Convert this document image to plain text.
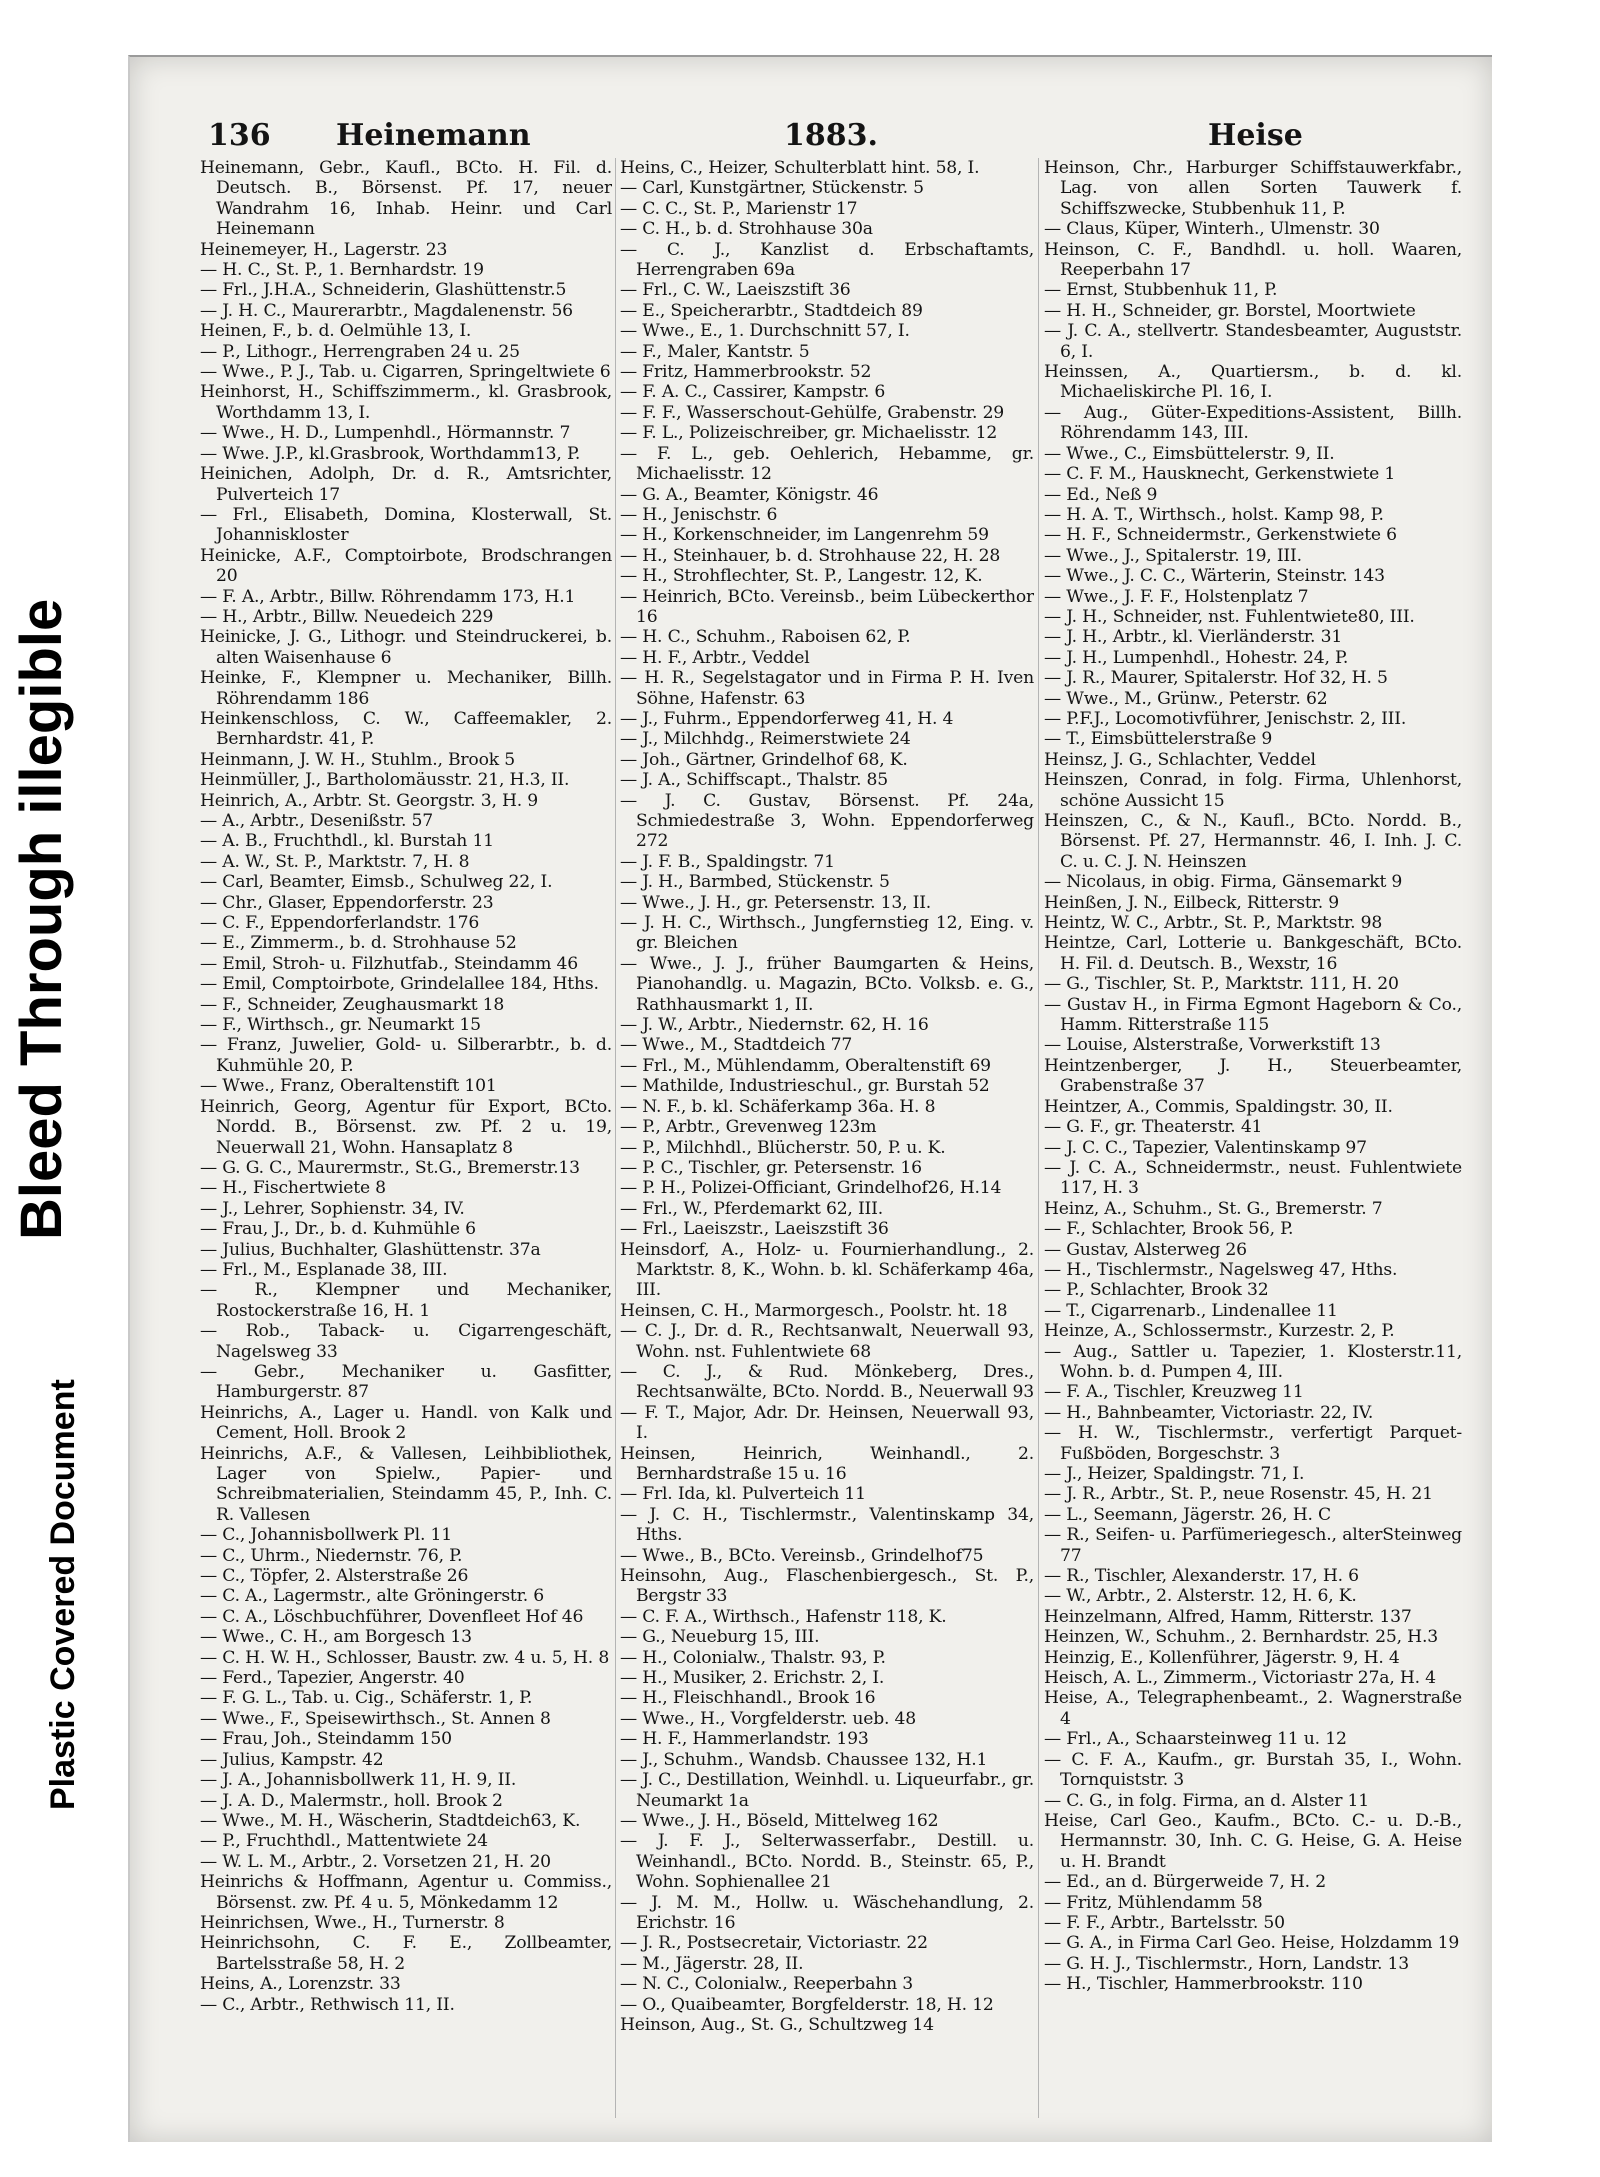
Bleed Through illegible
Plastic Covered Document
136 Heinemann	1883.	Heise

Heinemann, Gebr., Kaufl., BCto. H. Fil. d. Deutsch. B., Börsenst. Pf. 17, neuer Wandrahm 16, Inhab. Heinr. und Carl Heinemann

Heinemeyer, H., Lagerstr. 23

— H. C., St. P., 1. Bernhardstr. 19

— Frl., J.H.A., Schneiderin, Glashüttenstr.5

— J. H. C., Maurerarbtr., Magdalenenstr. 56

Heinen, F., b. d. Oelmühle 13, I.

— P., Lithogr., Herrengraben 24 u. 25

— Wwe., P. J., Tab. u. Cigarren, Springeltwiete 6

Heinhorst, H., Schiffszimmerm., kl. Grasbrook, Worthdamm 13, I.

— Wwe., H. D., Lumpenhdl., Hörmannstr. 7

— Wwe. J.P., kl.Grasbrook, Worthdamm13, P.

Heinichen, Adolph, Dr. d. R., Amtsrichter, Pulverteich 17

— Frl., Elisabeth, Domina, Klosterwall, St. Johanniskloster

Heinicke, A.F., Comptoirbote, Brodschrangen 20

— F. A., Arbtr., Billw. Röhrendamm 173, H.1

— H., Arbtr., Billw. Neuedeich 229

Heinicke, J. G., Lithogr. und Steindruckerei, b. alten Waisenhause 6

Heinke, F., Klempner u. Mechaniker, Billh. Röhrendamm 186

Heinkenschloss, C. W., Caffeemakler, 2. Bernhardstr. 41, P.

Heinmann, J. W. H., Stuhlm., Brook 5

Heinmüller, J., Bartholomäusstr. 21, H.3, II.

Heinrich, A., Arbtr. St. Georgstr. 3, H. 9

— A., Arbtr., Desenißstr. 57

— A. B., Fruchthdl., kl. Burstah 11

— A. W., St. P., Marktstr. 7, H. 8

— Carl, Beamter, Eimsb., Schulweg 22, I.

— Chr., Glaser, Eppendorferstr. 23

— C. F., Eppendorferlandstr. 176

— E., Zimmerm., b. d. Strohhause 52

— Emil, Stroh- u. Filzhutfab., Steindamm 46

— Emil, Comptoirbote, Grindelallee 184, Hths.

— F., Schneider, Zeughausmarkt 18

— F., Wirthsch., gr. Neumarkt 15

— Franz, Juwelier, Gold- u. Silberarbtr., b. d. Kuhmühle 20, P.

— Wwe., Franz, Oberaltenstift 101

Heinrich, Georg, Agentur für Export, BCto. Nordd. B., Börsenst. zw. Pf. 2 u. 19, Neuerwall 21, Wohn. Hansaplatz 8

— G. G. C., Maurermstr., St.G., Bremerstr.13

— H., Fischertwiete 8

— J., Lehrer, Sophienstr. 34, IV.

— Frau, J., Dr., b. d. Kuhmühle 6

— Julius, Buchhalter, Glashüttenstr. 37a

— Frl., M., Esplanade 38, III.

— R., Klempner und Mechaniker, Rostockerstraße 16, H. 1

— Rob., Taback- u. Cigarrengeschäft, Nagelsweg 33

— Gebr., Mechaniker u. Gasfitter, Hamburgerstr. 87

Heinrichs, A., Lager u. Handl. von Kalk und Cement, Holl. Brook 2

Heinrichs, A.F., & Vallesen, Leihbibliothek, Lager von Spielw., Papier- und Schreibmaterialien, Steindamm 45, P., Inh. C. R. Vallesen

— C., Johannisbollwerk Pl. 11

— C., Uhrm., Niedernstr. 76, P.

— C., Töpfer, 2. Alsterstraße 26

— C. A., Lagermstr., alte Gröningerstr. 6

— C. A., Löschbuchführer, Dovenfleet Hof 46

— Wwe., C. H., am Borgesch 13

— C. H. W. H., Schlosser, Baustr. zw. 4 u. 5, H. 8

— Ferd., Tapezier, Angerstr. 40

— F. G. L., Tab. u. Cig., Schäferstr. 1, P.

— Wwe., F., Speisewirthsch., St. Annen 8

— Frau, Joh., Steindamm 150

— Julius, Kampstr. 42

— J. A., Johannisbollwerk 11, H. 9, II.

— J. A. D., Malermstr., holl. Brook 2

— Wwe., M. H., Wäscherin, Stadtdeich63, K.

— P., Fruchthdl., Mattentwiete 24

— W. L. M., Arbtr., 2. Vorsetzen 21, H. 20

Heinrichs & Hoffmann, Agentur u. Commiss., Börsenst. zw. Pf. 4 u. 5, Mönkedamm 12

Heinrichsen, Wwe., H., Turnerstr. 8

Heinrichsohn, C. F. E., Zollbeamter, Bartelsstraße 58, H. 2

Heins, A., Lorenzstr. 33

— C., Arbtr., Rethwisch 11, II.

Heins, C., Heizer, Schulterblatt hint. 58, I.

— Carl, Kunstgärtner, Stückenstr. 5

— C. C., St. P., Marienstr 17

— C. H., b. d. Strohhause 30a

— C. J., Kanzlist d. Erbschaftamts, Herrengraben 69a

— Frl., C. W., Laeiszstift 36

— E., Speicherarbtr., Stadtdeich 89

— Wwe., E., 1. Durchschnitt 57, I.

— F., Maler, Kantstr. 5

— Fritz, Hammerbrookstr. 52

— F. A. C., Cassirer, Kampstr. 6

— F. F., Wasserschout-Gehülfe, Grabenstr. 29

— F. L., Polizeischreiber, gr. Michaelisstr. 12

— F. L., geb. Oehlerich, Hebamme, gr. Michaelisstr. 12

— G. A., Beamter, Königstr. 46

— H., Jenischstr. 6

— H., Korkenschneider, im Langenrehm 59

— H., Steinhauer, b. d. Strohhause 22, H. 28

— H., Strohflechter, St. P., Langestr. 12, K.

— Heinrich, BCto. Vereinsb., beim Lübeckerthor 16

— H. C., Schuhm., Raboisen 62, P.

— H. F., Arbtr., Veddel

— H. R., Segelstagator und in Firma P. H. Iven Söhne, Hafenstr. 63

— J., Fuhrm., Eppendorferweg 41, H. 4

— J., Milchhdg., Reimerstwiete 24

— Joh., Gärtner, Grindelhof 68, K.

— J. A., Schiffscapt., Thalstr. 85

— J. C. Gustav, Börsenst. Pf. 24a, Schmiedestraße 3, Wohn. Eppendorferweg 272

— J. F. B., Spaldingstr. 71

— J. H., Barmbed, Stückenstr. 5

— Wwe., J. H., gr. Petersenstr. 13, II.

— J. H. C., Wirthsch., Jungfernstieg 12, Eing. v. gr. Bleichen

— Wwe., J. J., früher Baumgarten & Heins, Pianohandlg. u. Magazin, BCto. Volksb. e. G., Rathhausmarkt 1, II.

— J. W., Arbtr., Niedernstr. 62, H. 16

— Wwe., M., Stadtdeich 77

— Frl., M., Mühlendamm, Oberaltenstift 69

— Mathilde, Industrieschul., gr. Burstah 52

— N. F., b. kl. Schäferkamp 36a. H. 8

— P., Arbtr., Grevenweg 123m

— P., Milchhdl., Blücherstr. 50, P. u. K.

— P. C., Tischler, gr. Petersenstr. 16

— P. H., Polizei-Officiant, Grindelhof26, H.14

— Frl., W., Pferdemarkt 62, III.

— Frl., Laeiszstr., Laeiszstift 36

Heinsdorf, A., Holz- u. Fournierhandlung., 2. Marktstr. 8, K., Wohn. b. kl. Schäferkamp 46a, III.

Heinsen, C. H., Marmorgesch., Poolstr. ht. 18

— C. J., Dr. d. R., Rechtsanwalt, Neuerwall 93, Wohn. nst. Fuhlentwiete 68

— C. J., & Rud. Mönkeberg, Dres., Rechtsanwälte, BCto. Nordd. B., Neuerwall 93

— F. T., Major, Adr. Dr. Heinsen, Neuerwall 93, I.

Heinsen, Heinrich, Weinhandl., 2. Bernhardstraße 15 u. 16

— Frl. Ida, kl. Pulverteich 11

— J. C. H., Tischlermstr., Valentinskamp 34, Hths.

— Wwe., B., BCto. Vereinsb., Grindelhof75

Heinsohn, Aug., Flaschenbiergesch., St. P., Bergstr 33

— C. F. A., Wirthsch., Hafenstr 118, K.

— G., Neueburg 15, III.

— H., Colonialw., Thalstr. 93, P.

— H., Musiker, 2. Erichstr. 2, I.

— H., Fleischhandl., Brook 16

— Wwe., H., Vorgfelderstr. ueb. 48

— H. F., Hammerlandstr. 193

— J., Schuhm., Wandsb. Chaussee 132, H.1

— J. C., Destillation, Weinhdl. u. Liqueurfabr., gr. Neumarkt 1a

— Wwe., J. H., Böseld, Mittelweg 162

— J. F. J., Selterwasserfabr., Destill. u. Weinhandl., BCto. Nordd. B., Steinstr. 65, P., Wohn. Sophienallee 21

— J. M. M., Hollw. u. Wäschehandlung, 2. Erichstr. 16

— J. R., Postsecretair, Victoriastr. 22

— M., Jägerstr. 28, II.

— N. C., Colonialw., Reeperbahn 3

— O., Quaibeamter, Borgfelderstr. 18, H. 12

Heinson, Aug., St. G., Schultzweg 14

Heinson, Chr., Harburger Schiffstauwerkfabr., Lag. von allen Sorten Tauwerk f. Schiffszwecke, Stubbenhuk 11, P.

— Claus, Küper, Winterh., Ulmenstr. 30

Heinson, C. F., Bandhdl. u. holl. Waaren, Reeperbahn 17

— Ernst, Stubbenhuk 11, P.

— H. H., Schneider, gr. Borstel, Moortwiete

— J. C. A., stellvertr. Standesbeamter, Auguststr. 6, I.

Heinssen, A., Quartiersm., b. d. kl. Michaeliskirche Pl. 16, I.

— Aug., Güter-Expeditions-Assistent, Billh. Röhrendamm 143, III.

— Wwe., C., Eimsbüttelerstr. 9, II.

— C. F. M., Hausknecht, Gerkenstwiete 1

— Ed., Neß 9

— H. A. T., Wirthsch., holst. Kamp 98, P.

— H. F., Schneidermstr., Gerkenstwiete 6

— Wwe., J., Spitalerstr. 19, III.

— Wwe., J. C. C., Wärterin, Steinstr. 143

— Wwe., J. F. F., Holstenplatz 7

— J. H., Schneider, nst. Fuhlentwiete80, III.

— J. H., Arbtr., kl. Vierländerstr. 31

— J. H., Lumpenhdl., Hohestr. 24, P.

— J. R., Maurer, Spitalerstr. Hof 32, H. 5

— Wwe., M., Grünw., Peterstr. 62

— P.F.J., Locomotivführer, Jenischstr. 2, III.

— T., Eimsbüttelerstraße 9

Heinsz, J. G., Schlachter, Veddel

Heinszen, Conrad, in folg. Firma, Uhlenhorst, schöne Aussicht 15

Heinszen, C., & N., Kaufl., BCto. Nordd. B., Börsenst. Pf. 27, Hermannstr. 46, I. Inh. J. C. C. u. C. J. N. Heinszen

— Nicolaus, in obig. Firma, Gänsemarkt 9

Heinßen, J. N., Eilbeck, Ritterstr. 9

Heintz, W. C., Arbtr., St. P., Marktstr. 98

Heintze, Carl, Lotterie u. Bankgeschäft, BCto. H. Fil. d. Deutsch. B., Wexstr, 16

— G., Tischler, St. P., Marktstr. 111, H. 20

— Gustav H., in Firma Egmont Hageborn & Co., Hamm. Ritterstraße 115

— Louise, Alsterstraße, Vorwerkstift 13

Heintzenberger, J. H., Steuerbeamter, Grabenstraße 37

Heintzer, A., Commis, Spaldingstr. 30, II.

— G. F., gr. Theaterstr. 41

— J. C. C., Tapezier, Valentinskamp 97

— J. C. A., Schneidermstr., neust. Fuhlentwiete 117, H. 3

Heinz, A., Schuhm., St. G., Bremerstr. 7

— F., Schlachter, Brook 56, P.

— Gustav, Alsterweg 26

— H., Tischlermstr., Nagelsweg 47, Hths.

— P., Schlachter, Brook 32

— T., Cigarrenarb., Lindenallee 11

Heinze, A., Schlossermstr., Kurzestr. 2, P.

— Aug., Sattler u. Tapezier, 1. Klosterstr.11, Wohn. b. d. Pumpen 4, III.

— F. A., Tischler, Kreuzweg 11

— H., Bahnbeamter, Victoriastr. 22, IV.

— H. W., Tischlermstr., verfertigt Parquet-Fußböden, Borgeschstr. 3

— J., Heizer, Spaldingstr. 71, I.

— J. R., Arbtr., St. P., neue Rosenstr. 45, H. 21

— L., Seemann, Jägerstr. 26, H. C

— R., Seifen- u. Parfümeriegesch., alterSteinweg 77

— R., Tischler, Alexanderstr. 17, H. 6

— W., Arbtr., 2. Alsterstr. 12, H. 6, K.

Heinzelmann, Alfred, Hamm, Ritterstr. 137

Heinzen, W., Schuhm., 2. Bernhardstr. 25, H.3

Heinzig, E., Kollenführer, Jägerstr. 9, H. 4

Heisch, A. L., Zimmerm., Victoriastr 27a, H. 4

Heise, A., Telegraphenbeamt., 2. Wagnerstraße 4

— Frl., A., Schaarsteinweg 11 u. 12

— C. F. A., Kaufm., gr. Burstah 35, I., Wohn. Tornquiststr. 3

— C. G., in folg. Firma, an d. Alster 11

Heise, Carl Geo., Kaufm., BCto. C.- u. D.-B., Hermannstr. 30, Inh. C. G. Heise, G. A. Heise u. H. Brandt

— Ed., an d. Bürgerweide 7, H. 2

— Fritz, Mühlendamm 58

— F. F., Arbtr., Bartelsstr. 50

— G. A., in Firma Carl Geo. Heise, Holzdamm 19

— G. H. J., Tischlermstr., Horn, Landstr. 13

— H., Tischler, Hammerbrookstr. 110
